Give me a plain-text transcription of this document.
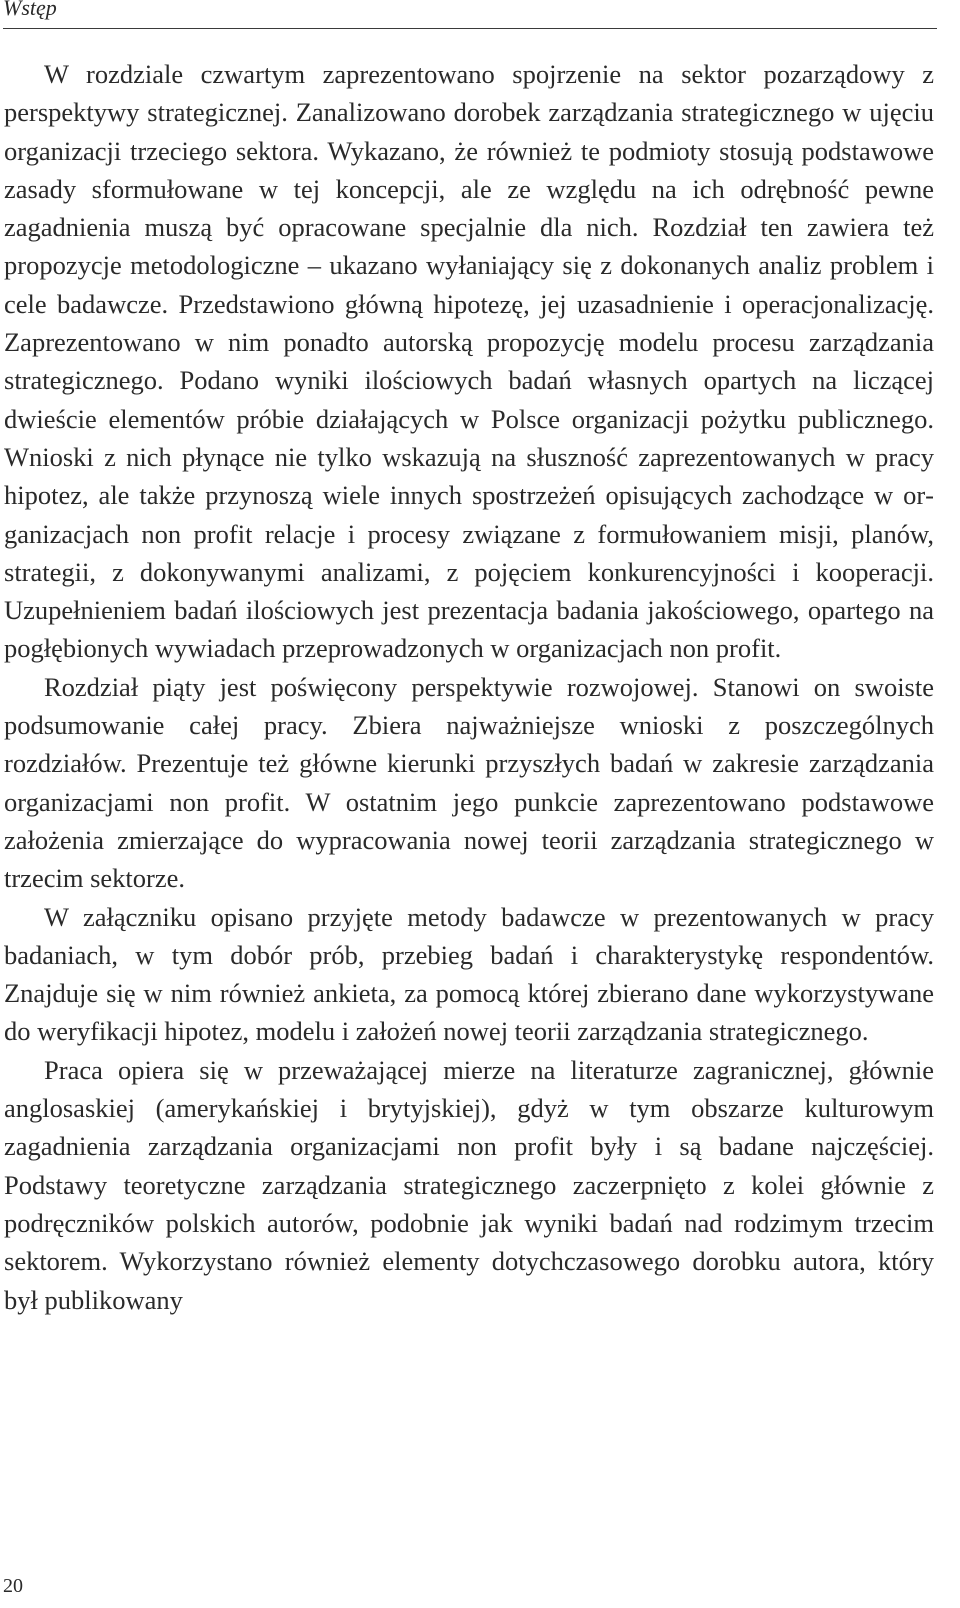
Wstęp

W rozdziale czwartym zaprezentowano spojrzenie na sektor pozarządowy z perspektywy strategicznej. Zanalizowano dorobek zarządzania strategicznego w ujęciu organizacji trzeciego sektora. Wykazano, że również te podmioty stosują podstawowe zasady sformułowane w tej koncepcji, ale ze względu na ich odrębność pewne zagadnienia muszą być opracowane specjalnie dla nich. Rozdział ten zawiera też propozycje metodologiczne – ukazano wyłaniający się z dokonanych analiz problem i cele badawcze. Przedstawiono główną hipotezę, jej uzasadnienie i operacjonalizację. Zaprezentowano w nim ponadto autorską propozycję modelu procesu zarządzania strategicznego. Podano wyniki ilościowych badań własnych opartych na liczącej dwieście elementów próbie działających w Polsce organizacji pożytku publicznego. Wnioski z nich płynące nie tylko wskazują na słuszność zaprezentowanych w pracy hipotez, ale także przynoszą wiele innych spostrzeżeń opisujących zachodzące w organizacjach non profit relacje i procesy związane z formułowaniem misji, planów, strategii, z dokonywanymi analizami, z pojęciem konkurencyjności i kooperacji. Uzupełnieniem badań ilościowych jest prezentacja badania jakościowego, opartego na pogłębionych wywiadach przeprowadzonych w organizacjach non profit.

Rozdział piąty jest poświęcony perspektywie rozwojowej. Stanowi on swoiste podsumowanie całej pracy. Zbiera najważniejsze wnioski z poszczególnych rozdziałów. Prezentuje też główne kierunki przyszłych badań w zakresie zarządzania organizacjami non profit. W ostatnim jego punkcie zaprezentowano podstawowe założenia zmierzające do wypracowania nowej teorii zarządzania strategicznego w trzecim sektorze.

W załączniku opisano przyjęte metody badawcze w prezentowanych w pracy badaniach, w tym dobór prób, przebieg badań i charakterystykę respondentów. Znajduje się w nim również ankieta, za pomocą której zbierano dane wykorzystywane do weryfikacji hipotez, modelu i założeń nowej teorii zarządzania strategicznego.

Praca opiera się w przeważającej mierze na literaturze zagranicznej, głównie anglosaskiej (amerykańskiej i brytyjskiej), gdyż w tym obszarze kulturowym zagadnienia zarządzania organizacjami non profit były i są badane najczęściej. Podstawy teoretyczne zarządzania strategicznego zaczerpnięto z kolei głównie z podręczników polskich autorów, podobnie jak wyniki badań nad rodzimym trzecim sektorem. Wykorzystano również elementy dotychczasowego dorobku autora, który był publikowany

20
